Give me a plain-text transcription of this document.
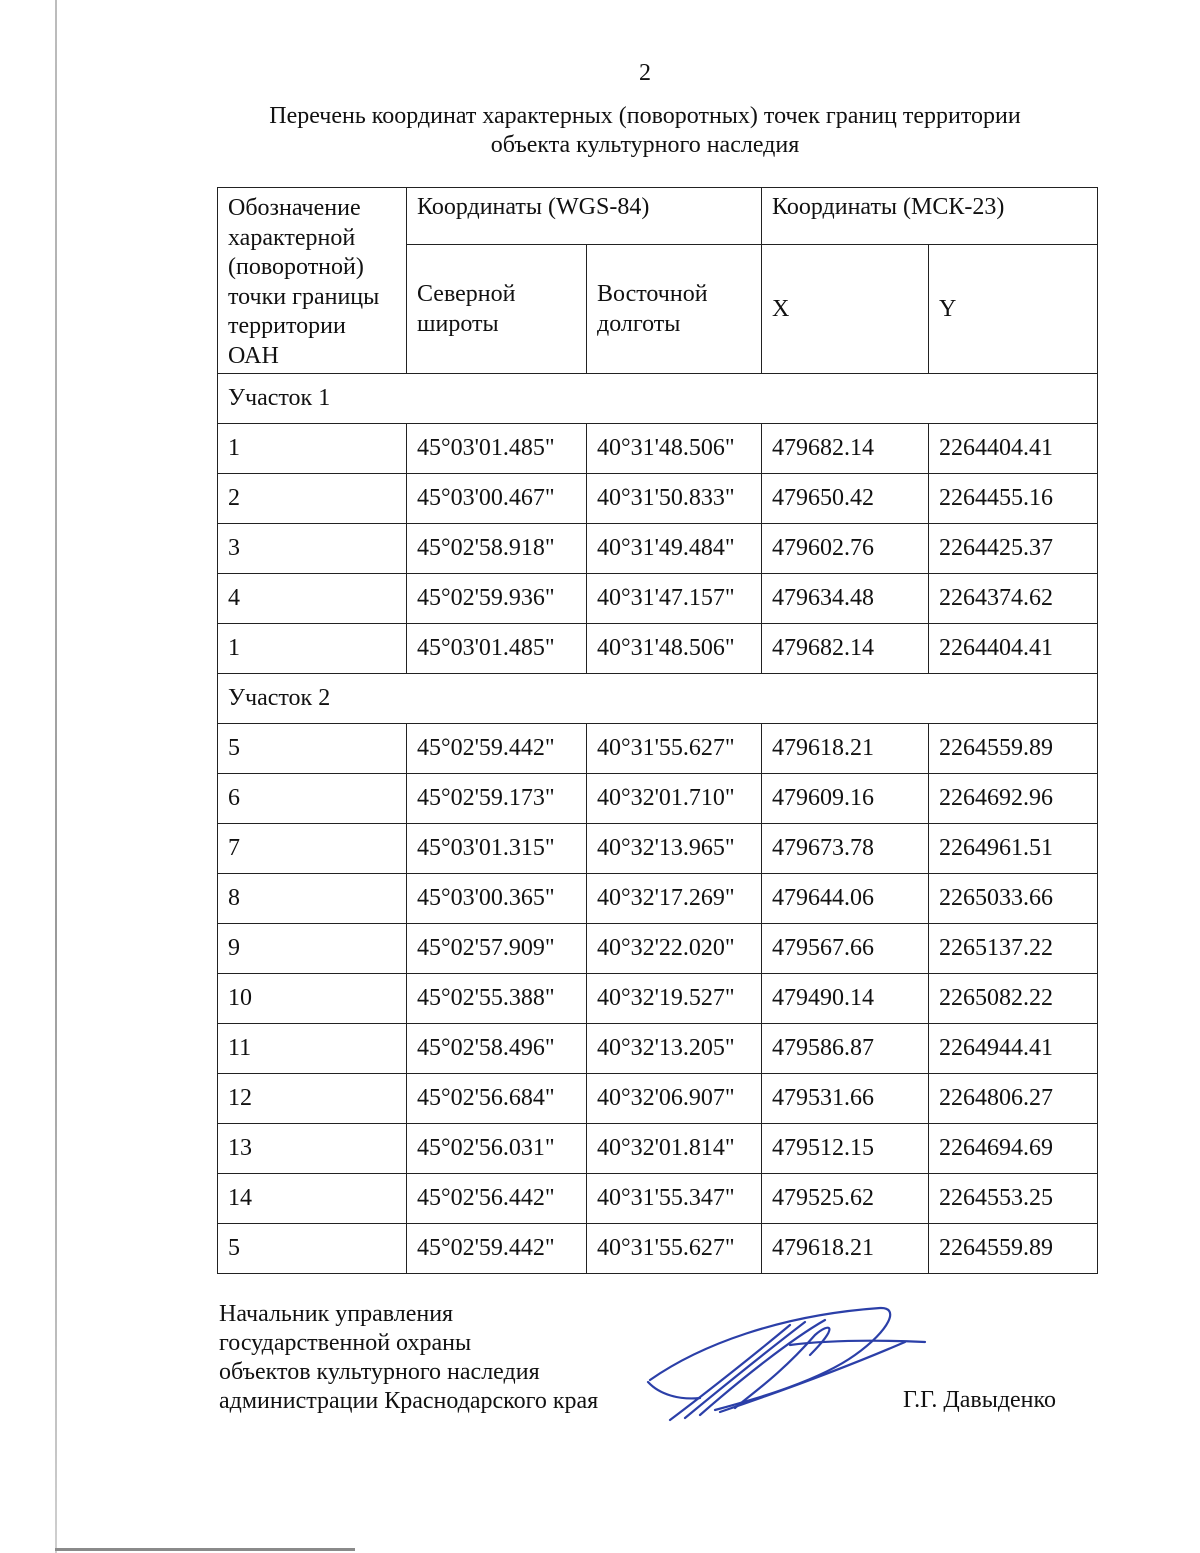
2
Перечень координат характерных (поворотных) точек границ территории
объекта культурного наследия
Обозначение характерной (поворотной) точки границы территории ОАН	Координаты (WGS-84)		Координаты (МСК-23)	
	Северной широты	Восточной долготы	X	Y
Участок 1				
1	45°03'01.485"	40°31'48.506"	479682.14	2264404.41
2	45°03'00.467"	40°31'50.833"	479650.42	2264455.16
3	45°02'58.918"	40°31'49.484"	479602.76	2264425.37
4	45°02'59.936"	40°31'47.157"	479634.48	2264374.62
1	45°03'01.485"	40°31'48.506"	479682.14	2264404.41
Участок 2				
5	45°02'59.442"	40°31'55.627"	479618.21	2264559.89
6	45°02'59.173"	40°32'01.710"	479609.16	2264692.96
7	45°03'01.315"	40°32'13.965"	479673.78	2264961.51
8	45°03'00.365"	40°32'17.269"	479644.06	2265033.66
9	45°02'57.909"	40°32'22.020"	479567.66	2265137.22
10	45°02'55.388"	40°32'19.527"	479490.14	2265082.22
11	45°02'58.496"	40°32'13.205"	479586.87	2264944.41
12	45°02'56.684"	40°32'06.907"	479531.66	2264806.27
13	45°02'56.031"	40°32'01.814"	479512.15	2264694.69
14	45°02'56.442"	40°31'55.347"	479525.62	2264553.25
5	45°02'59.442"	40°31'55.627"	479618.21	2264559.89
Начальник управления
государственной охраны
объектов культурного наследия
администрации Краснодарского края	Г.Г. Давыденко
